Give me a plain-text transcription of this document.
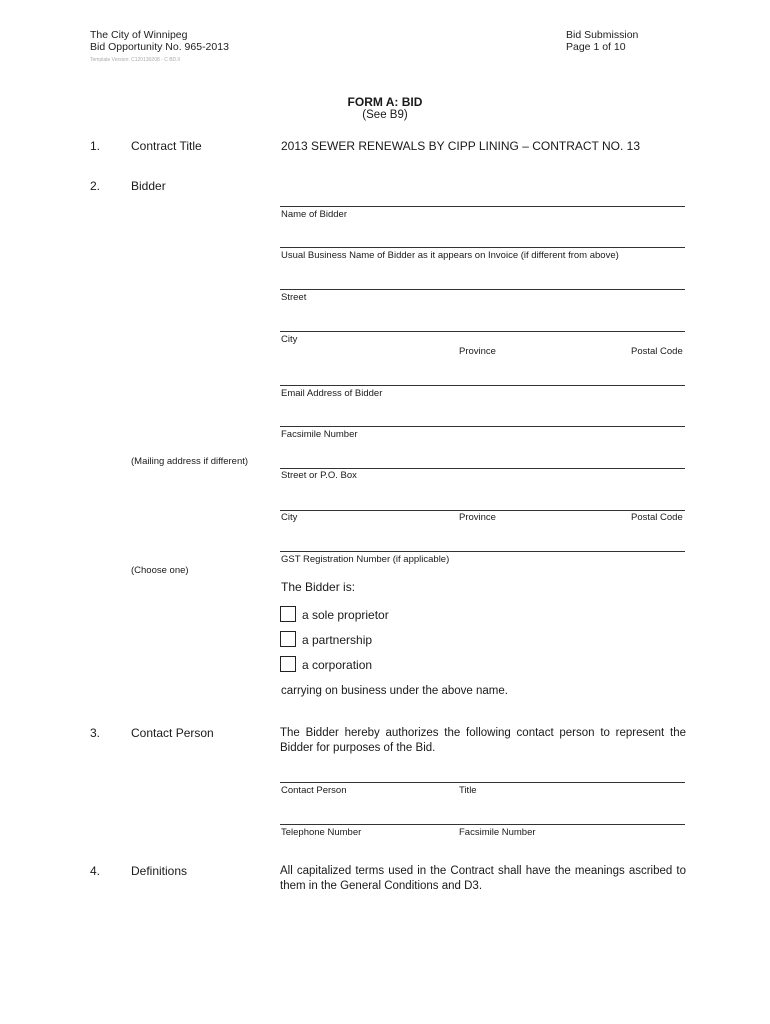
The City of Winnipeg
Bid Opportunity No. 965-2013
Template Version: C120130208 - C BD.ll
Bid Submission
Page 1 of 10
FORM A: BID
(See B9)
1.	Contract Title	2013 SEWER RENEWALS BY CIPP LINING – CONTRACT NO. 13
2.	Bidder
Name of Bidder
Usual Business Name of Bidder as it appears on Invoice (if different from above)
Street
City
Province	Postal Code
Email Address of Bidder
Facsimile Number
(Mailing address if different)
Street or P.O. Box
City	Province	Postal Code
GST Registration Number (if applicable)
(Choose one)
The Bidder is:
a sole proprietor
a partnership
a corporation
carrying on business under the above name.
3.	Contact Person	The Bidder hereby authorizes the following contact person to represent the Bidder for purposes of the Bid.
Contact Person	Title
Telephone Number	Facsimile Number
4.	Definitions	All capitalized terms used in the Contract shall have the meanings ascribed to them in the General Conditions and D3.
